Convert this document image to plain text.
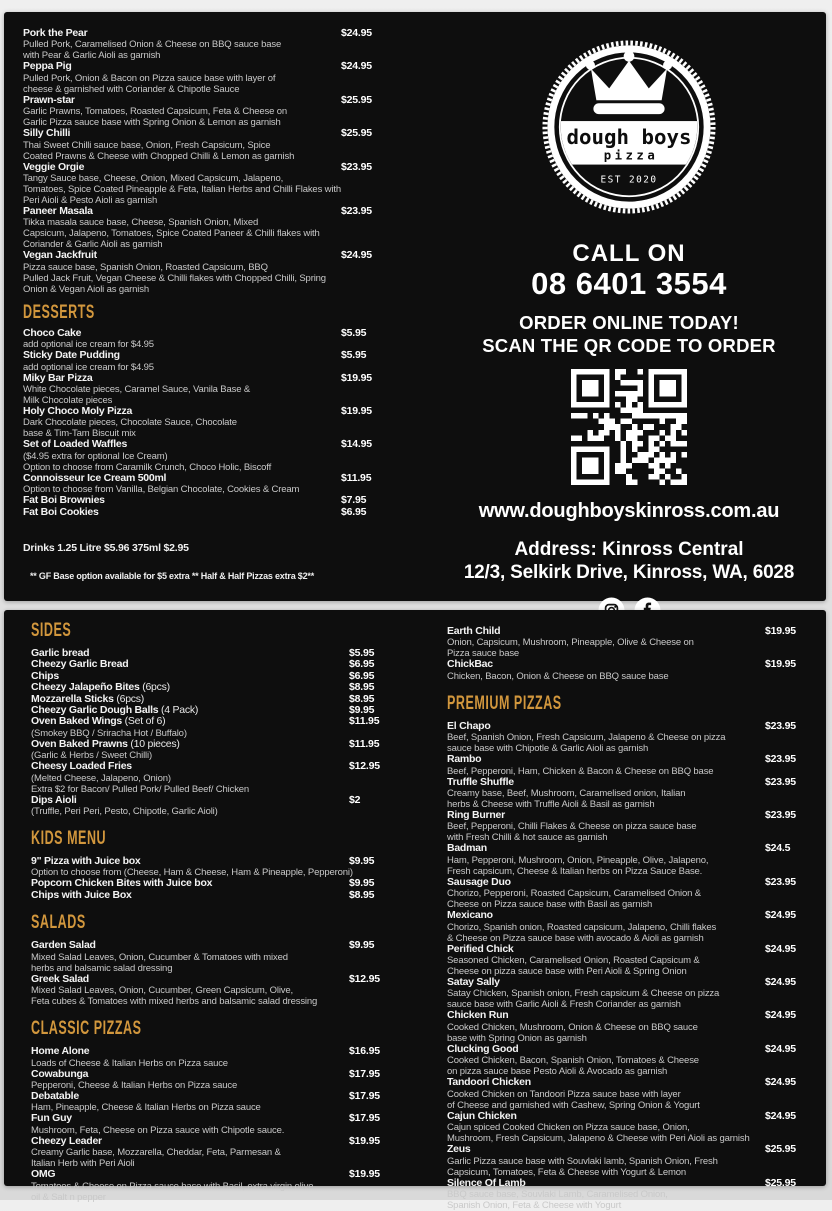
Pork the Pear	$24.95
Pulled Pork, Caramelised Onion & Cheese on BBQ sauce base
with Pear & Garlic Aioli as garnish
Peppa Pig	$24.95
Pulled Pork, Onion & Bacon on Pizza sauce base with layer of
cheese & garnished with Coriander & Chipotle Sauce
Prawn-star	$25.95
Garlic Prawns, Tomatoes, Roasted Capsicum, Feta & Cheese on
Garlic Pizza sauce base with Spring Onion & Lemon as garnish
Silly Chilli	$25.95
Thai Sweet Chilli sauce base, Onion, Fresh Capsicum, Spice
Coated Prawns & Cheese with Chopped Chilli & Lemon as garnish
Veggie Orgie	$23.95
Tangy Sauce base, Cheese, Onion, Mixed Capsicum, Jalapeno,
Tomatoes, Spice Coated Pineapple & Feta, Italian Herbs and Chilli Flakes with
Peri Aioli & Pesto Aioli as garnish
Paneer Masala	$23.95
Tikka masala sauce base, Cheese, Spanish Onion, Mixed
Capsicum, Jalapeno, Tomatoes, Spice Coated Paneer & Chilli flakes with
Coriander & Garlic Aioli as garnish
Vegan Jackfruit	$24.95
Pizza sauce base, Spanish Onion, Roasted Capsicum, BBQ
Pulled Jack Fruit, Vegan Cheese & Chilli flakes with Chopped Chilli, Spring
Onion & Vegan Aioli as garnish
DESSERTS
Choco Cake	$5.95
add optional ice cream for $4.95
Sticky Date Pudding	$5.95
add optional ice cream for $4.95
Miky Bar Pizza	$19.95
White Chocolate pieces, Caramel Sauce, Vanila Base &
Milk Chocolate pieces
Holy Choco Moly Pizza	$19.95
Dark Chocolate pieces, Chocolate Sauce, Chocolate
base & Tim-Tam Biscuit mix
Set of Loaded Waffles	$14.95
($4.95 extra for optional Ice Cream)
Option to choose from Caramilk Crunch, Choco Holic, Biscoff
Connoisseur Ice Cream 500ml	$11.95
Option to choose from Vanilla, Belgian Chocolate, Cookies & Cream
Fat Boi Brownies	$7.95
Fat Boi Cookies	$6.95
Drinks 1.25 Litre $5.96 375ml $2.95
** GF Base option available for $5 extra ** Half & Half Pizzas extra $2**
dough boys
pizza
EST 2020
CALL ON
08 6401 3554
ORDER ONLINE TODAY!
SCAN THE QR CODE TO ORDER
www.doughboyskinross.com.au
Address: Kinross Central
12/3, Selkirk Drive, Kinross, WA, 6028
SIDES
Garlic bread	$5.95
Cheezy Garlic Bread	$6.95
Chips	$6.95
Cheezy Jalapeño Bites (6pcs)	$8.95
Mozzarella Sticks (6pcs)	$8.95
Cheezy Garlic Dough Balls (4 Pack)	$9.95
Oven Baked Wings (Set of 6)	$11.95
(Smokey BBQ / Sriracha Hot / Buffalo)
Oven Baked Prawns (10 pieces)	$11.95
(Garlic & Herbs / Sweet Chilli)
Cheesy Loaded Fries	$12.95
(Melted Cheese, Jalapeno, Onion)
Extra $2 for Bacon/ Pulled Pork/ Pulled Beef/ Chicken
Dips Aioli	$2
(Truffle, Peri Peri, Pesto, Chipotle, Garlic Aioli)
KIDS MENU
9" Pizza with Juice box	$9.95
Option to choose from (Cheese, Ham & Cheese, Ham & Pineapple, Pepperoni)
Popcorn Chicken Bites with Juice box	$9.95
Chips with Juice Box	$8.95
SALADS
Garden Salad	$9.95
Mixed Salad Leaves, Onion, Cucumber & Tomatoes with mixed
herbs and balsamic salad dressing
Greek Salad	$12.95
Mixed Salad Leaves, Onion, Cucumber, Green Capsicum, Olive,
Feta cubes & Tomatoes with mixed herbs and balsamic salad dressing
CLASSIC PIZZAS
Home Alone	$16.95
Loads of Cheese & Italian Herbs on Pizza sauce
Cowabunga	$17.95
Pepperoni, Cheese & Italian Herbs on Pizza sauce
Debatable	$17.95
Ham, Pineapple, Cheese & Italian Herbs on Pizza sauce
Fun Guy	$17.95
Mushroom, Feta, Cheese on Pizza sauce with Chipotle sauce.
Cheezy Leader	$19.95
Creamy Garlic base, Mozzarella, Cheddar, Feta, Parmesan &
Italian Herb with Peri Aioli
OMG	$19.95
Tomatoes & Cheese on Pizza sauce base with Basil, extra virgin olive
oil & Salt n pepper
Earth Child	$19.95
Onion, Capsicum, Mushroom, Pineapple, Olive & Cheese on
Pizza sauce base
ChickBac	$19.95
Chicken, Bacon, Onion & Cheese on BBQ sauce base
PREMIUM PIZZAS
El Chapo	$23.95
Beef, Spanish Onion, Fresh Capsicum, Jalapeno & Cheese on pizza
sauce base with Chipotle & Garlic Aioli as garnish
Rambo	$23.95
Beef, Pepperoni, Ham, Chicken & Bacon & Cheese on BBQ base
Truffle Shuffle	$23.95
Creamy base, Beef, Mushroom, Caramelised onion, Italian
herbs & Cheese with Truffle Aioli & Basil as garnish
Ring Burner	$23.95
Beef, Pepperoni, Chilli Flakes & Cheese on pizza sauce base
with Fresh Chilli & hot sauce as garnish
Badman	$24.5
Ham, Pepperoni, Mushroom, Onion, Pineapple, Olive, Jalapeno,
Fresh capsicum, Cheese & Italian herbs on Pizza Sauce Base.
Sausage Duo	$23.95
Chorizo, Pepperoni, Roasted Capsicum, Caramelised Onion &
Cheese on Pizza sauce base with Basil as garnish
Mexicano	$24.95
Chorizo, Spanish onion, Roasted capsicum, Jalapeno, Chilli flakes
& Cheese on Pizza sauce base with avocado & Aioli as garnish
Perified Chick	$24.95
Seasoned Chicken, Caramelised Onion, Roasted Capsicum &
Cheese on pizza sauce base with Peri Aioli & Spring Onion
Satay Sally	$24.95
Satay Chicken, Spanish onion, Fresh capsicum & Cheese on pizza
sauce base with Garlic Aioli & Fresh Coriander as garnish
Chicken Run	$24.95
Cooked Chicken, Mushroom, Onion & Cheese on BBQ sauce
base with Spring Onion as garnish
Clucking Good	$24.95
Cooked Chicken, Bacon, Spanish Onion, Tomatoes & Cheese
on pizza sauce base Pesto Aioli & Avocado as garnish
Tandoori Chicken	$24.95
Cooked Chicken on Tandoori Pizza sauce base with layer
of Cheese and garnished with Cashew, Spring Onion & Yogurt
Cajun Chicken	$24.95
Cajun spiced Cooked Chicken on Pizza sauce base, Onion,
Mushroom, Fresh Capsicum, Jalapeno & Cheese with Peri Aioli as garnish
Zeus	$25.95
Garlic Pizza sauce base with Souvlaki lamb, Spanish Onion, Fresh
Capsicum, Tomatoes, Feta & Cheese with Yogurt & Lemon
Silence Of Lamb	$25.95
BBQ sauce base, Souvlaki Lamb, Caramelised Onion,
Spanish Onion, Feta & Cheese with Yogurt
